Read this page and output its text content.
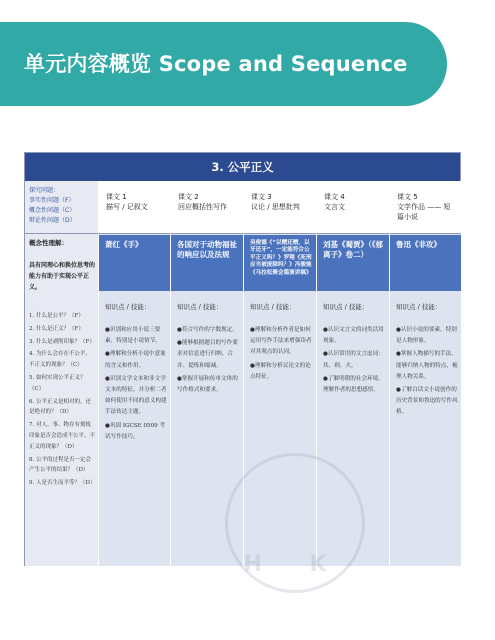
单元内容概览 Scope and Sequence
3. 公平正义
探究问题：
事实性问题（F）
概念性问题（C）
辩论性问题（D）
概念性理解：
具有同理心和换位思考的能力有助于实现公平正义。
1. 什么是公平？（F）
2. 什么是正义？（F）
3. 什么是剥削印象？（F）
4. 为什么会存在不公平、不正义的现象？（C）
5. 如何实现公平正义？（C）
6. 公平正义是相对的，还是绝对的？（D）
7. 对人、事、物存有刻板印象是否会造成不公平、不正义的现象？（D）
8. 公平的过程是否一定会产生公平的结果？（D）
9. 人是否生而平等？（D）
课文 1
描写 / 记叙文
萧红《手》
知识点 / 技能：
●识别和应用小说三要素，特别是小说情节。
●理解和分析小说中意象的含义和作用。
●识别文学文本和非文学文本的特征，并分析二者如何使用不同的意义构建手法传达主题。
●巩固 IGCSE 0509 考试写作技巧。
课文 2
回应概括性写作
各国对于动物福祉的响应以及法规
知识点 / 技能：
●符合写作的字数规定。
●能够根据题目的写作要求对信息进行归纳、合并、提炼和缩减。
●掌握开展和传单文体的写作格式和要求。
课文 3
议论 / 思想批判
吴俊德《“以赠还赠，以牙还牙”，一定能符合公平正义吗？》罗翔《死刑应当被废除吗？》冯骏驰《马拉松聚会篇演讲稿》
知识点 / 技能：
●理解和分析作者是如何运用写作手法来增强读者对其观点的认同。
●理解和分析议论文的论点特征。
课文 4
文言文
刘基《蜀贾》（《郁离子》卷二）
知识点 / 技能：
●认识文言文的词类活用现象。
●认识常用的文言虚词：其、则、夫。
●了解明朝的社会环境，理解作者的思想感悟。
课文 5
文学作品 —— 短篇小说
鲁迅《非攻》
知识点 / 技能：
●认识小说的要素，特别是人物形象。
●掌握人物描写的手法，能够归纳人物的特点，梳理人物关系。
●了解白话文小说创作的历史背景和鲁迅的写作风格。
H K
